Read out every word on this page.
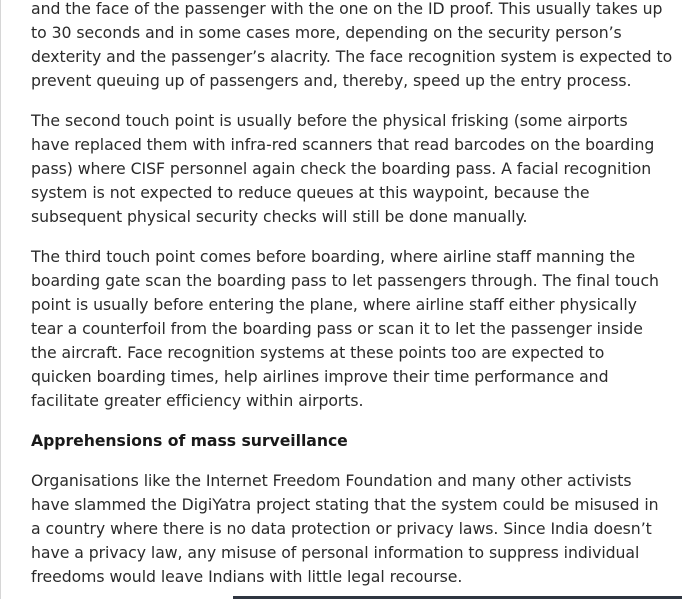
and the face of the passenger with the one on the ID proof. This usually takes up
to 30 seconds and in some cases more, depending on the security person’s
dexterity and the passenger’s alacrity. The face recognition system is expected to
prevent queuing up of passengers and, thereby, speed up the entry process.

The second touch point is usually before the physical frisking (some airports
have replaced them with infra-red scanners that read barcodes on the boarding
pass) where CISF personnel again check the boarding pass. A facial recognition
system is not expected to reduce queues at this waypoint, because the
subsequent physical security checks will still be done manually.

The third touch point comes before boarding, where airline staff manning the
boarding gate scan the boarding pass to let passengers through. The final touch
point is usually before entering the plane, where airline staff either physically
tear a counterfoil from the boarding pass or scan it to let the passenger inside
the aircraft. Face recognition systems at these points too are expected to
quicken boarding times, help airlines improve their time performance and
facilitate greater efficiency within airports.

Apprehensions of mass surveillance

Organisations like the Internet Freedom Foundation and many other activists
have slammed the DigiYatra project stating that the system could be misused in
a country where there is no data protection or privacy laws. Since India doesn’t
have a privacy law, any misuse of personal information to suppress individual
freedoms would leave Indians with little legal recourse.
